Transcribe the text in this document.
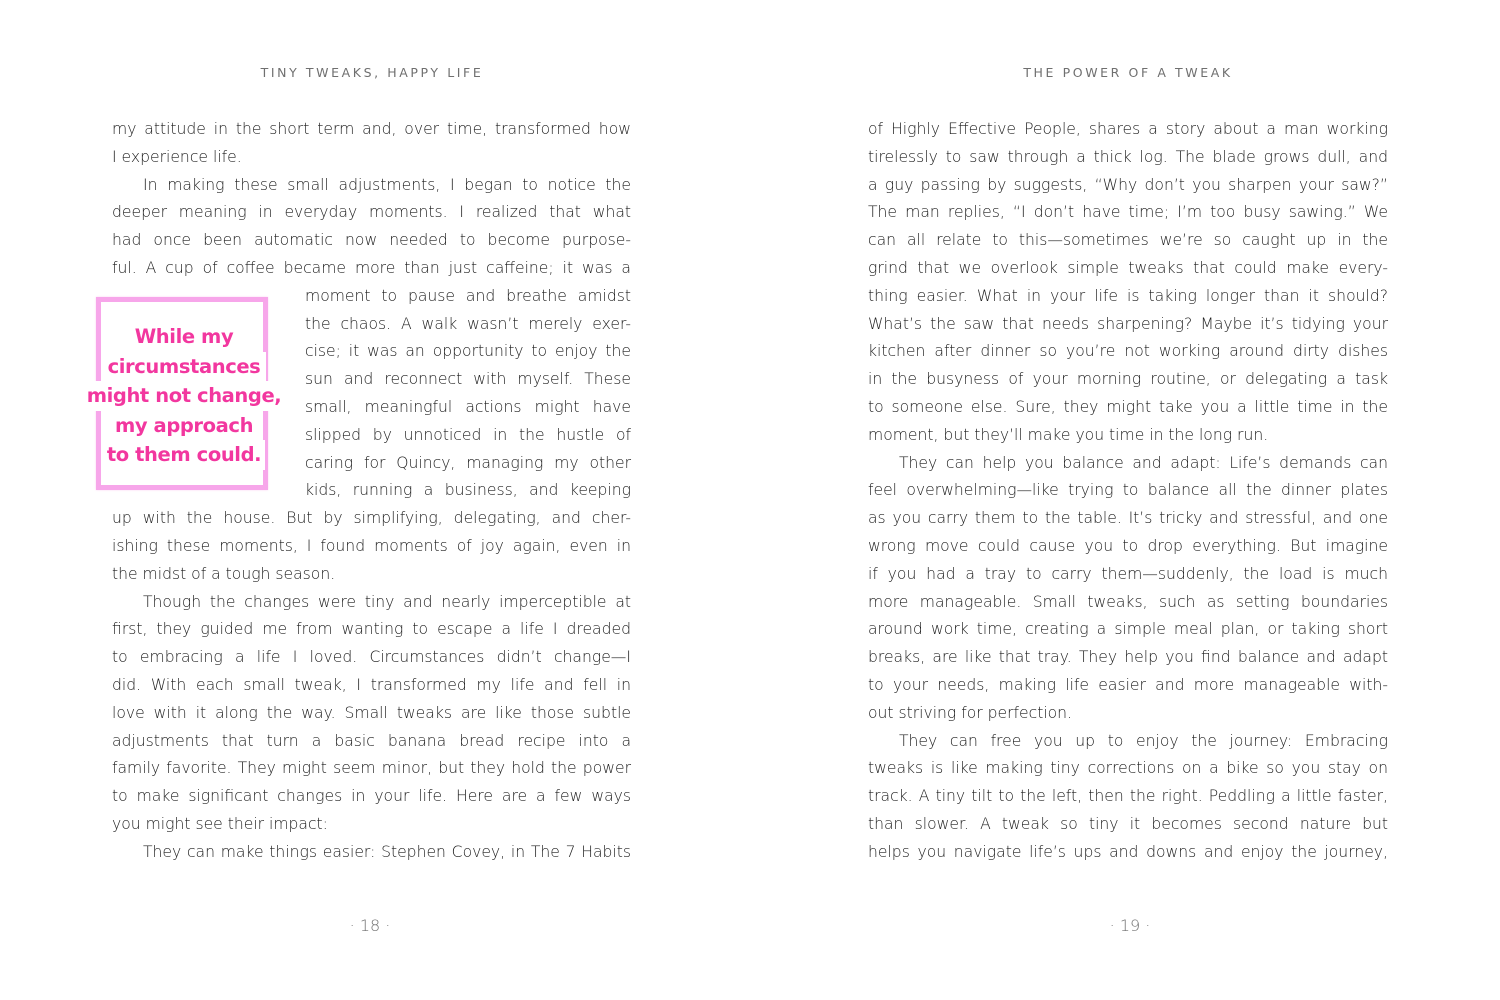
TINY TWEAKS, HAPPY LIFE
While my
circumstances
might not change,
my approach
to them could.
my attitude in the short term and, over time, transformed how
I experience life.
In making these small adjustments, I began to notice the
deeper meaning in everyday moments. I realized that what
had once been automatic now needed to become purpose-
ful. A cup of coffee became more than just caffeine; it was a
moment to pause and breathe amidst
the chaos. A walk wasn’t merely exer-
cise; it was an opportunity to enjoy the
sun and reconnect with myself. These
small, meaningful actions might have
slipped by unnoticed in the hustle of
caring for Quincy, managing my other
kids, running a business, and keeping
up with the house. But by simplifying, delegating, and cher-
ishing these moments, I found moments of joy again, even in
the midst of a tough season.
Though the changes were tiny and nearly imperceptible at
first, they guided me from wanting to escape a life I dreaded
to embracing a life I loved. Circumstances didn’t change—I
did. With each small tweak, I transformed my life and fell in
love with it along the way. Small tweaks are like those subtle
adjustments that turn a basic banana bread recipe into a
family favorite. They might seem minor, but they hold the power
to make significant changes in your life. Here are a few ways
you might see their impact:
They can make things easier: Stephen Covey, in The 7 Habits
· 18 ·
THE POWER OF A TWEAK
of Highly Effective People, shares a story about a man working
tirelessly to saw through a thick log. The blade grows dull, and
a guy passing by suggests, “Why don’t you sharpen your saw?”
The man replies, “I don’t have time; I’m too busy sawing.” We
can all relate to this—sometimes we’re so caught up in the
grind that we overlook simple tweaks that could make every-
thing easier. What in your life is taking longer than it should?
What’s the saw that needs sharpening? Maybe it’s tidying your
kitchen after dinner so you’re not working around dirty dishes
in the busyness of your morning routine, or delegating a task
to someone else. Sure, they might take you a little time in the
moment, but they’ll make you time in the long run.
They can help you balance and adapt: Life’s demands can
feel overwhelming—like trying to balance all the dinner plates
as you carry them to the table. It’s tricky and stressful, and one
wrong move could cause you to drop everything. But imagine
if you had a tray to carry them—suddenly, the load is much
more manageable. Small tweaks, such as setting boundaries
around work time, creating a simple meal plan, or taking short
breaks, are like that tray. They help you find balance and adapt
to your needs, making life easier and more manageable with-
out striving for perfection.
They can free you up to enjoy the journey: Embracing
tweaks is like making tiny corrections on a bike so you stay on
track. A tiny tilt to the left, then the right. Peddling a little faster,
than slower. A tweak so tiny it becomes second nature but
helps you navigate life’s ups and downs and enjoy the journey,
· 19 ·
